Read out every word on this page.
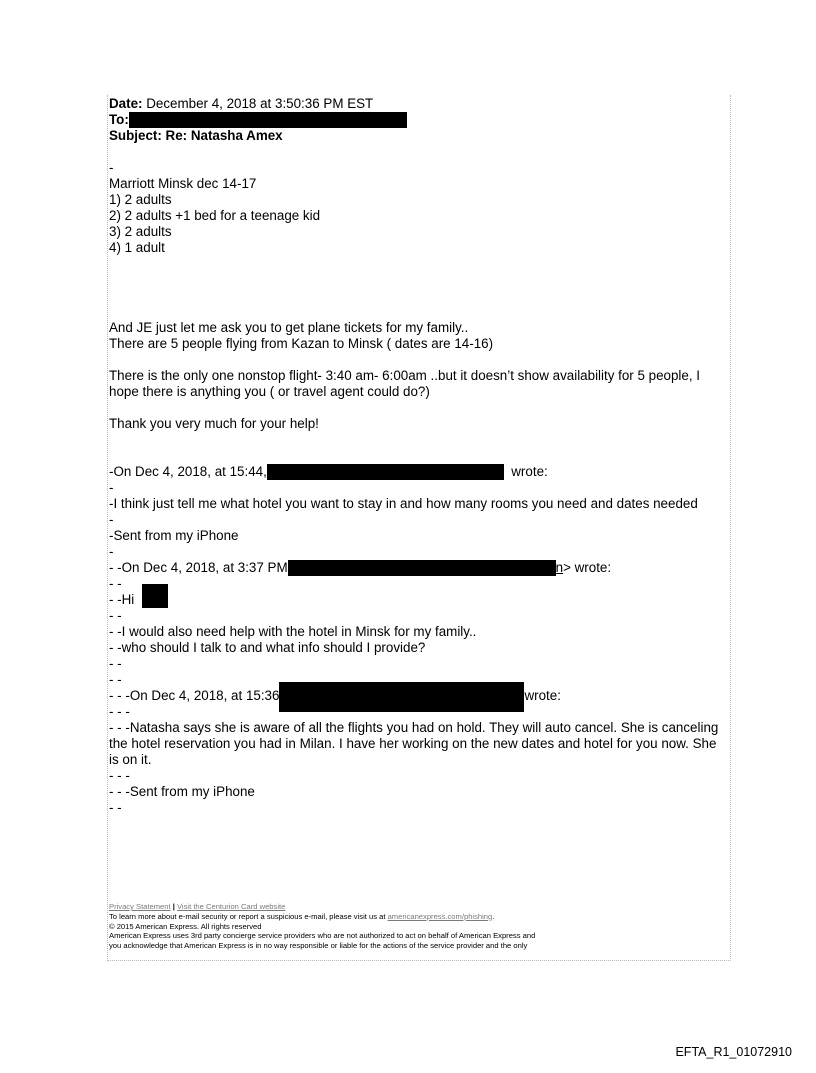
Date: December 4, 2018 at 3:50:36 PM EST
To:
Subject: Re: Natasha Amex
-
Marriott Minsk dec 14-17
1) 2 adults
2) 2 adults +1 bed for a teenage kid
3) 2 adults
4) 1 adult
And JE just let me ask you to get plane tickets for my family..
There are 5 people flying from Kazan to Minsk ( dates are 14-16)
There is the only one nonstop flight- 3:40 am- 6:00am ..but it doesn’t show availability for 5 people, I hope there is anything you ( or travel agent could do?)
Thank you very much for your help!
-On Dec 4, 2018, at 15:44,	wrote:
-
-I think just tell me what hotel you want to stay in and how many rooms you need and dates needed
-
-Sent from my iPhone
-
- -On Dec 4, 2018, at 3:37 PM	n> wrote:
- -
- -Hi
- -
- -I would also need help with the hotel in Minsk for my family..
- -who should I talk to and what info should I provide?
- -
- -
- - -On Dec 4, 2018, at 15:36	wrote:
- - -
- - -Natasha says she is aware of all the flights you had on hold. They will auto cancel. She is canceling the hotel reservation you had in Milan. I have her working on the new dates and hotel for you now. She is on it.
- - -
- - -Sent from my iPhone
- -
Privacy Statement | Visit the Centurion Card website
To learn more about e-mail security or report a suspicious e-mail, please visit us at americanexpress.com/phishing.
© 2015 American Express. All rights reserved
American Express uses 3rd party concierge service providers who are not authorized to act on behalf of American Express and
you acknowledge that American Express is in no way responsible or liable for the actions of the service provider and the only
EFTA_R1_01072910
